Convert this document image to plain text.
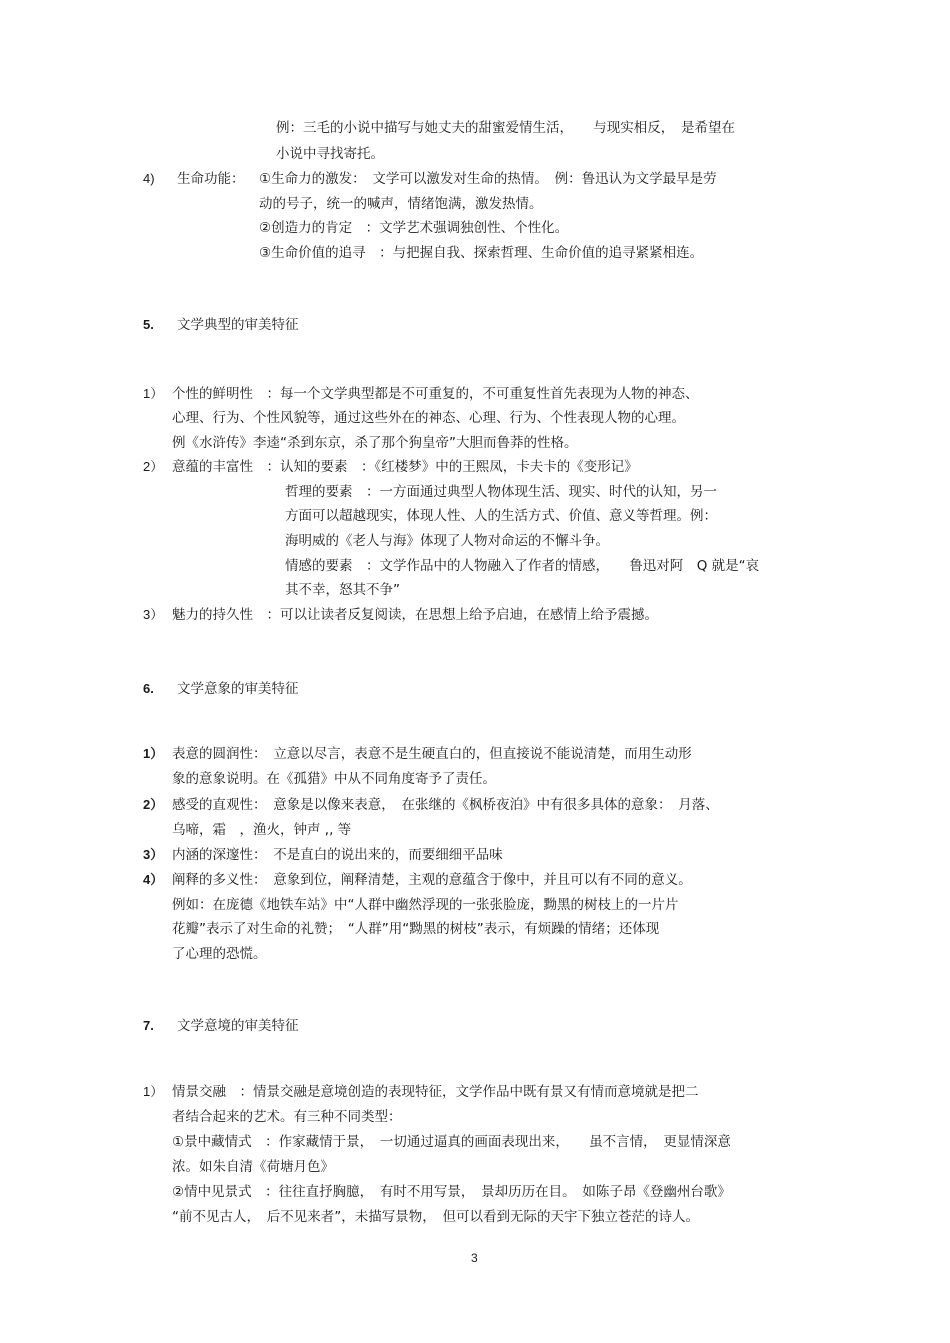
例：三毛的小说中描写与她丈夫的甜蜜爱情生活，　　与现实相反，　是希望在
小说中寻找寄托。
4) 生命功能： ①生命力的激发：　文学可以激发对生命的热情。　例：鲁迅认为文学最早是劳
动的号子，统一的喊声，情绪饱满，激发热情。
②创造力的肯定　：文学艺术强调独创性、个性化。
③生命价值的追寻　：与把握自我、探索哲理、生命价值的追寻紧紧相连。
5. 文学典型的审美特征
1） 个性的鲜明性　：每一个文学典型都是不可重复的，不可重复性首先表现为人物的神态、
心理、行为、个性风貌等，通过这些外在的神态、心理、行为、个性表现人物的心理。
例《水浒传》李逵“杀到东京，杀了那个狗皇帝”大胆而鲁莽的性格。
2） 意蕴的丰富性　：认知的要素　：《红楼梦》中的王熙凤，卡夫卡的《变形记》
哲理的要素　：一方面通过典型人物体现生活、现实、时代的认知，另一
方面可以超越现实，体现人性、人的生活方式、价值、意义等哲理。例：
海明威的《老人与海》体现了人物对命运的不懈斗争。
情感的要素　：文学作品中的人物融入了作者的情感，　　鲁迅对阿　Q 就是“哀
其不幸，怒其不争”
3） 魅力的持久性　：可以让读者反复阅读，在思想上给予启迪，在感情上给予震撼。
6. 文学意象的审美特征
1） 表意的圆润性：　立意以尽言，表意不是生硬直白的，但直接说不能说清楚，而用生动形
象的意象说明。在《孤猎》中从不同角度寄予了责任。
2） 感受的直观性：　意象是以像来表意，　在张继的《枫桥夜泊》中有很多具体的意象：　月落、
乌啼，霜　，渔火，钟声 ,, 等
3） 内涵的深邃性：　不是直白的说出来的，而要细细平品味
4） 阐释的多义性：　意象到位，阐释清楚，主观的意蕴含于像中，并且可以有不同的意义。
例如：在庞德《地铁车站》中“人群中幽然浮现的一张张脸庞，黝黑的树枝上的一片片
花瓣”表示了对生命的礼赞；　“人群”用“黝黑的树枝”表示，有烦躁的情绪；还体现
了心理的恐慌。
7. 文学意境的审美特征
1） 情景交融　：情景交融是意境创造的表现特征，文学作品中既有景又有情而意境就是把二
者结合起来的艺术。有三种不同类型：
①景中藏情式　：作家藏情于景，　一切通过逼真的画面表现出来，　　虽不言情，　更显情深意
浓。如朱自清《荷塘月色》
②情中见景式　：往往直抒胸臆，　有时不用写景，　景却历历在目。　如陈子昂《登幽州台歌》
“前不见古人，　后不见来者”，未描写景物，　但可以看到无际的天宇下独立苍茫的诗人。
3
